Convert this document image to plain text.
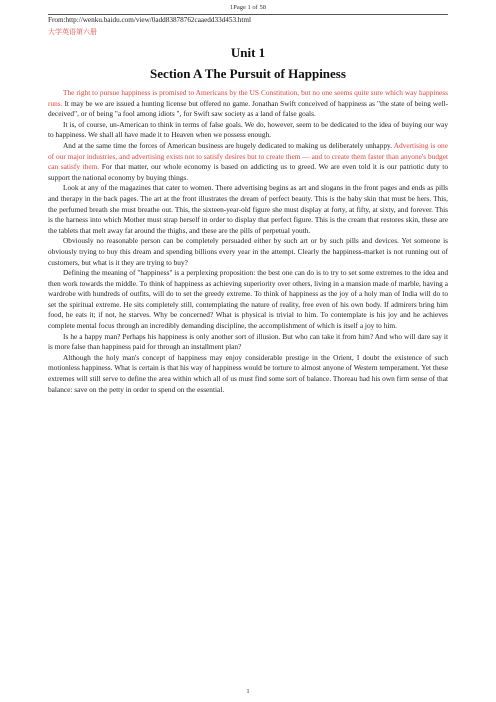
1Page 1 of 58
From:http://wenku.baidu.com/view/0add83878762caaedd33d453.html
大学英语第六册
Unit 1
Section A The Pursuit of Happiness

The right to pursue happiness is promised to Americans by the US Constitution, but no one seems quite sure which way happiness runs. It may be we are issued a hunting license but offered no game. Jonathan Swift conceived of happiness as "the state of being well-deceived", or of being "a fool among idiots ", for Swift saw society as a land of false goals.

It is, of course, un-American to think in terms of false goals. We do, however, seem to be dedicated to the idea of buying our way to happiness. We shall all have made it to Heaven when we possess enough.

And at the same time the forces of American business are hugely dedicated to making us deliberately unhappy. Advertising is one of our major industries, and advertising exists not to satisfy desires but to create them — and to create them faster than anyone's budget can satisfy them. For that matter, our whole economy is based on addicting us to greed. We are even told it is our patriotic duty to support the national economy by buying things.

Look at any of the magazines that cater to women. There advertising begins as art and slogans in the front pages and ends as pills and therapy in the back pages. The art at the front illustrates the dream of perfect beauty. This is the baby skin that must be hers. This, the perfumed breath she must breathe out. This, the sixteen-year-old figure she must display at forty, at fifty, at sixty, and forever. This is the harness into which Mother must strap herself in order to display that perfect figure. This is the cream that restores skin, these are the tablets that melt away fat around the thighs, and these are the pills of perpetual youth.

Obviously no reasonable person can be completely persuaded either by such art or by such pills and devices. Yet someone is obviously trying to buy this dream and spending billions every year in the attempt. Clearly the happiness-market is not running out of customers, but what is it they are trying to buy?

Defining the meaning of "happiness" is a perplexing proposition: the best one can do is to try to set some extremes to the idea and then work towards the middle. To think of happiness as achieving superiority over others, living in a mansion made of marble, having a wardrobe with hundreds of outfits, will do to set the greedy extreme. To think of happiness as the joy of a holy man of India will do to set the spiritual extreme. He sits completely still, contemplating the nature of reality, free even of his own body. If admirers bring him food, he eats it; if not, he starves. Why be concerned? What is physical is trivial to him. To contemplate is his joy and he achieves complete mental focus through an incredibly demanding discipline, the accomplishment of which is itself a joy to him.

Is he a happy man? Perhaps his happiness is only another sort of illusion. But who can take it from him? And who will dare say it is more false than happiness paid for through an installment plan?

Although the holy man's concept of happiness may enjoy considerable prestige in the Orient, I doubt the existence of such motionless happiness. What is certain is that his way of happiness would be torture to almost anyone of Western temperament. Yet these extremes will still serve to define the area within which all of us must find some sort of balance. Thoreau had his own firm sense of that balance: save on the petty in order to spend on the essential.

1
